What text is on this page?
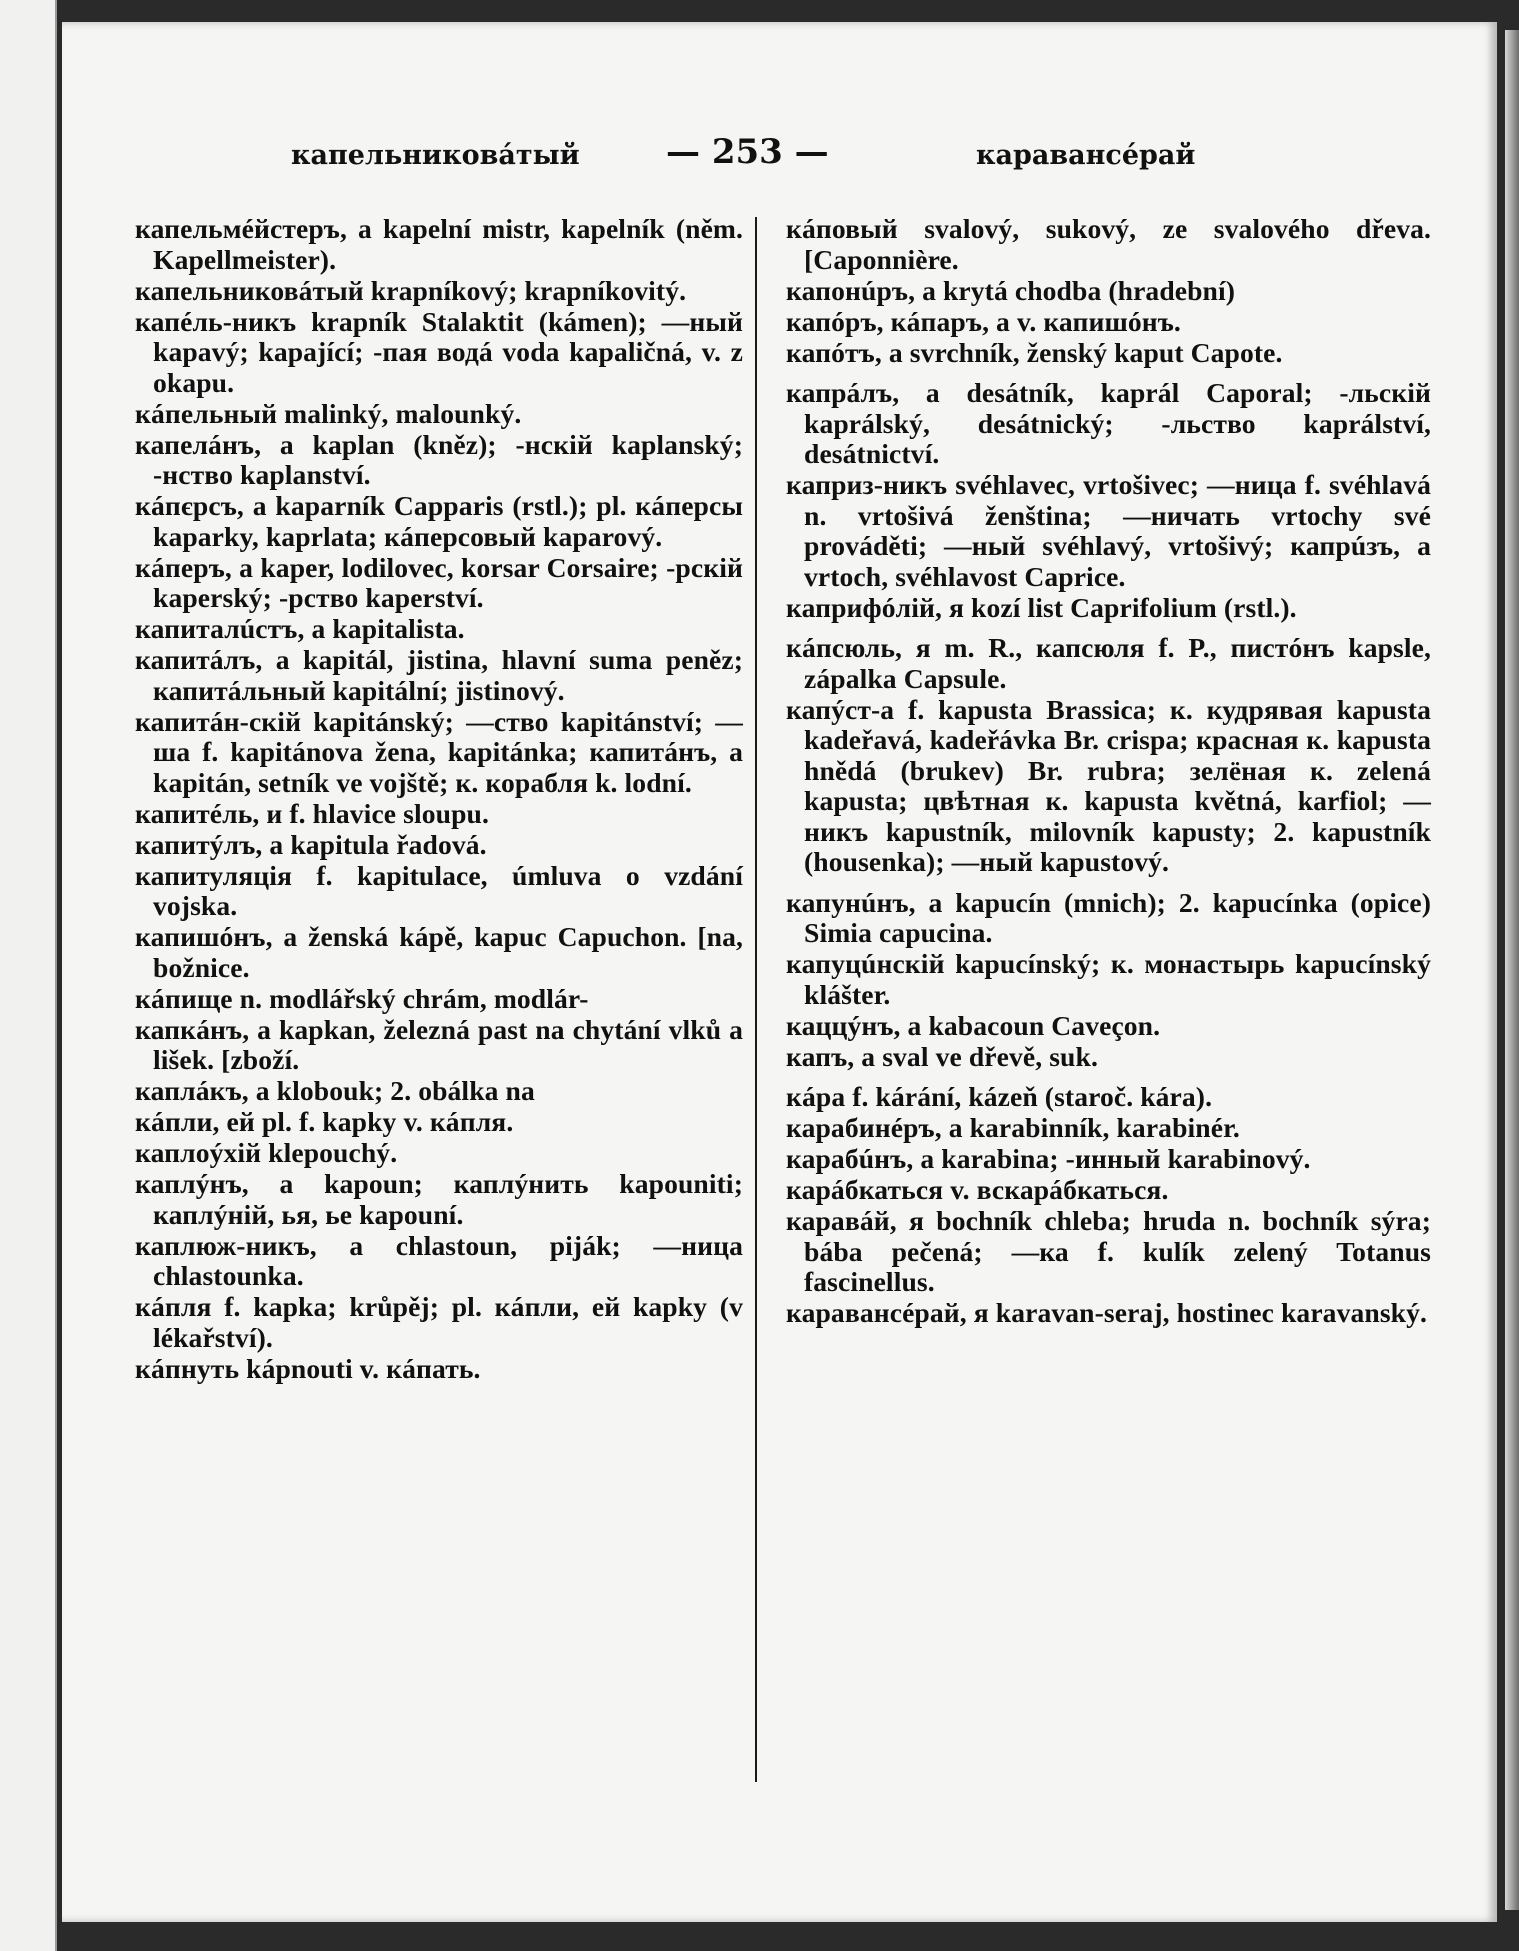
капельниковáтый	— 253 —	караванcéрай

капельмéйстеръ, a kapelní mistr, kapelník (něm. Kapellmeister).

капельниковáтый krapníkový; krapníkovitý.

капéль-никъ krapník Stalaktit (kámen); —ный kapavý; kapající; -пая водá voda kapaličná, v. z okapu.

кáпельный malinký, malounký.

капелáнъ, a kaplan (kněz); -нскій kaplanský; -нство kaplanství.

кáпєрсъ, a kaparník Capparis (rstl.); pl. кáперсы kaparky, kaprlata; кáперсовый kaparový.

кáперъ, a kaper, lodilovec, korsar Corsaire; -рскій kaperský; -рство kaperství.

капиталúстъ, a kapitalista.

капитáлъ, a kapitál, jistina, hlavní suma peněz; капитáльный kapitální; jistinový.

капитáн-скій kapitánský; —ство kapitánství; —ша f. kapitánova žena, kapitánka; капитáнъ, a kapitán, setník ve vojště; к. корабля k. lodní.

капитéль, и f. hlavice sloupu.

капитýлъ, a kapitula řadová.

капитуляція f. kapitulace, úmluva o vzdání vojska.

капишóнъ, a ženská kápě, kapuc Capuchon. [na, božnice.

кáпище n. modlářský chrám, modlár-

капкáнъ, a kapkan, železná past na chytání vlků a lišek. [zboží.

каплáкъ, a klobouk; 2. obálka na

кáпли, ей pl. f. kapky v. кáпля.

каплоýхій klepouchý.

каплýнъ, a kapoun; каплýнить kapouniti; каплýній, ья, ье kapouní.

каплюж-никъ, a chlastoun, piják; —ница chlastounka.

кáпля f. kapka; krůpěj; pl. кáпли, ей kapky (v lékařství).

кáпнуть kápnouti v. кáпать.

кáповый svalový, sukový, ze svalového dřeva. [Caponnière.

капонúръ, a krytá chodba (hradební)

капóръ, кáпаръ, a v. капишóнъ.

капóтъ, a svrchník, ženský kaput Capote.

капрáлъ, a desátník, kaprál Caporal; -льскій kaprálský, desátnický; -льство kaprálství, desátnictví.

каприз-никъ svéhlavec, vrtošivec; —ница f. svéhlavá n. vrtošivá ženština; —ничать vrtochy své prováděti; —ный svéhlavý, vrtošivý; капрúзъ, a vrtoch, svéhlavost Caprice.

каприфóлій, я kozí list Caprifolium (rstl.).

кáпсюль, я m. R., капсюля f. P., пистóнъ kapsle, zápalka Capsule.

капýст-а f. kapusta Brassica; к. кудрявая kapusta kadeřavá, kadeřávka Br. crispa; красная к. kapusta hnědá (brukev) Br. rubra; зелёная к. zelená kapusta; цвѣтная к. kapusta květná, karfiol; —никъ kapustník, milovník kapusty; 2. kapustník (housenka); —ный kapustový.

капунúнъ, a kapucín (mnich); 2. kapucínka (opice) Simia capucina.

капуцúнскій kapucínský; к. монастырь kapucínský klášter.

каццýнъ, a kabacoun Caveçon.

капъ, a sval ve dřevě, suk.

кáра f. kárání, kázeň (staroč. kára).

карабинéръ, a karabinník, karabinér.

карабúнъ, a karabina; -инный karabinový.

карáбкаться v. вскарáбкаться.

каравáй, я bochník chleba; hruda n. bochník sýra; bába pečená; —ка f. kulík zelený Totanus fascinellus.

караванcéрай, я karavan-seraj, hostinec karavanský.
